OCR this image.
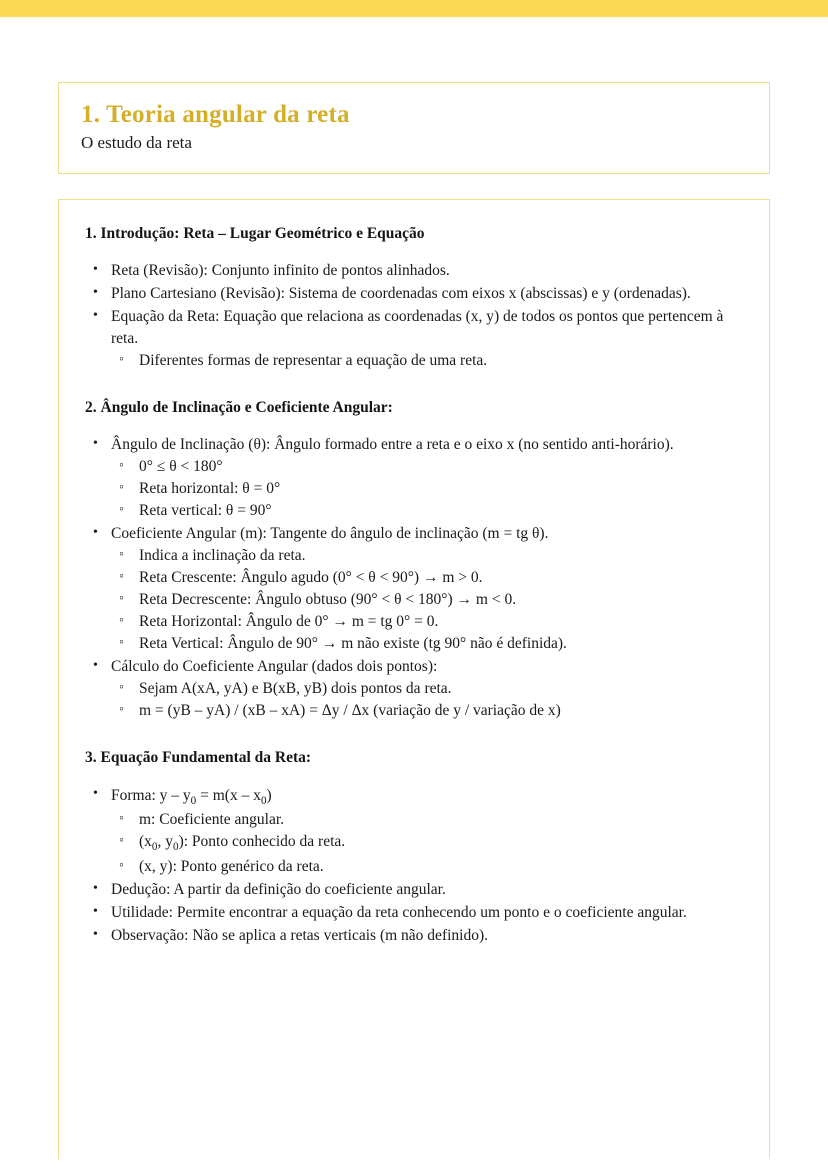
1. Teoria angular da reta

O estudo da reta

1. Introdução: Reta – Lugar Geométrico e Equação
• Reta (Revisão): Conjunto infinito de pontos alinhados.
• Plano Cartesiano (Revisão): Sistema de coordenadas com eixos x (abscissas) e y (ordenadas).
• Equação da Reta: Equação que relaciona as coordenadas (x, y) de todos os pontos que pertencem à reta.
◦ Diferentes formas de representar a equação de uma reta.
2. Ângulo de Inclinação e Coeficiente Angular:
• Ângulo de Inclinação (θ): Ângulo formado entre a reta e o eixo x (no sentido anti-horário).
◦ 0° ≤ θ < 180°
◦ Reta horizontal: θ = 0°
◦ Reta vertical: θ = 90°
• Coeficiente Angular (m): Tangente do ângulo de inclinação (m = tg θ).
◦ Indica a inclinação da reta.
◦ Reta Crescente: Ângulo agudo (0° < θ < 90°) → m > 0.
◦ Reta Decrescente: Ângulo obtuso (90° < θ < 180°) → m < 0.
◦ Reta Horizontal: Ângulo de 0° → m = tg 0° = 0.
◦ Reta Vertical: Ângulo de 90° → m não existe (tg 90° não é definida).
• Cálculo do Coeficiente Angular (dados dois pontos):
◦ Sejam A(xA, yA) e B(xB, yB) dois pontos da reta.
◦ m = (yB – yA) / (xB – xA) = Δy / Δx (variação de y / variação de x)
3. Equação Fundamental da Reta:
• Forma: $y - y_0 = m(x - x_0)$
◦ m: Coeficiente angular.
◦ ($x_0$, $y_0$): Ponto conhecido da reta.
◦ (x, y): Ponto genérico da reta.
• Dedução: A partir da definição do coeficiente angular.
• Utilidade: Permite encontrar a equação da reta conhecendo um ponto e o coeficiente angular.
• Observação: Não se aplica a retas verticais (m não definido).
